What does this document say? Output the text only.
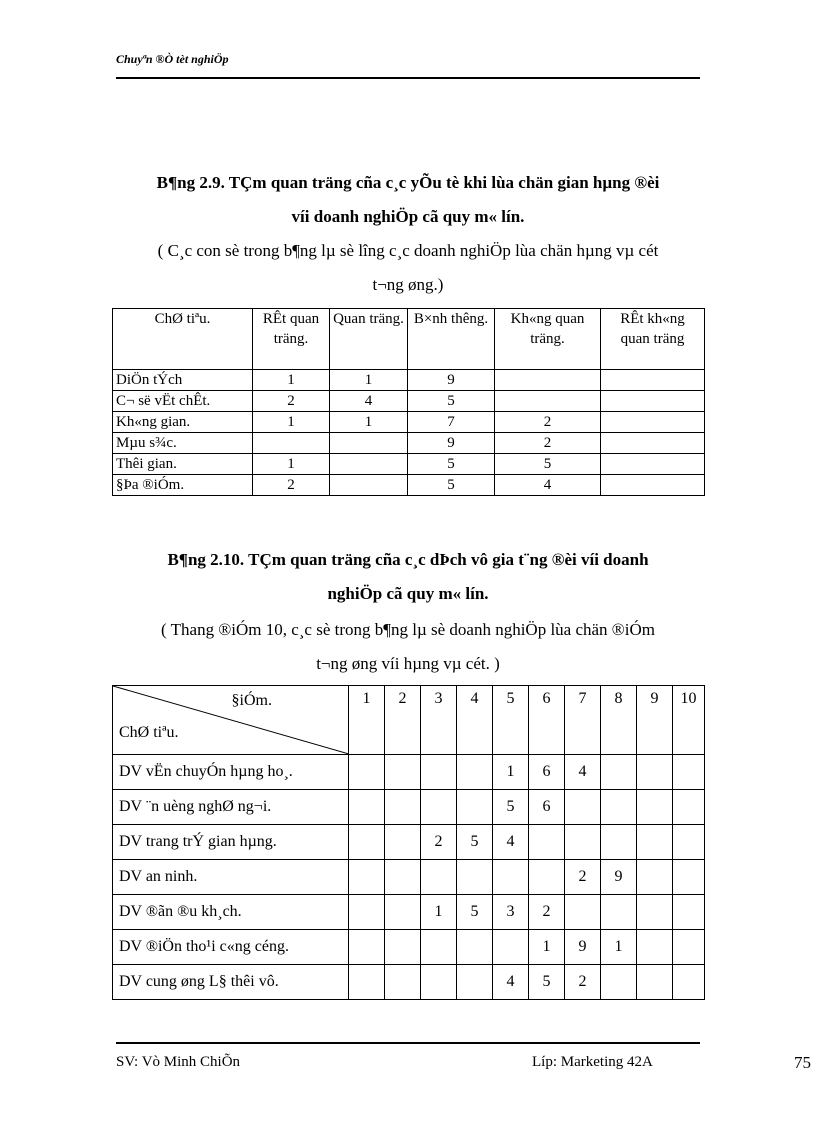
Chuyªn ®Ò tèt nghiÖp
B¶ng 2.9. TÇm quan träng cña c¸c yÕu tè khi lùa chän gian hµng ®èi
víi doanh nghiÖp cã quy m« lín.
( C¸c con sè trong b¶ng lµ sè lîng c¸c doanh nghiÖp lùa chän hµng vµ cét
t¬ng øng.)
ChØ tiªu.	RÊt quan träng.	Quan träng.	B×nh thêng.	Kh«ng quan träng.	RÊt kh«ng quan träng
DiÖn tÝch	1	1	9		
C¬ së vËt chÊt.	2	4	5		
Kh«ng gian.	1	1	7	2	
Mµu s¾c.			9	2	
Thêi gian.	1		5	5	
§Þa ®iÓm.	2		5	4	
B¶ng 2.10. TÇm quan träng cña c¸c dÞch vô gia t¨ng ®èi víi doanh
nghiÖp cã quy m« lín.
( Thang ®iÓm 10, c¸c sè trong b¶ng lµ sè doanh nghiÖp lùa chän ®iÓm
t¬ng øng víi hµng vµ cét. )
§iÓm.
ChØ tiªu.	1	2	3	4	5	6	7	8	9	10
DV vËn chuyÓn hµng ho¸.					1	6	4			
DV ¨n uèng nghØ ng¬i.					5	6				
DV trang trÝ gian hµng.			2	5	4					
DV an ninh.							2	9		
DV ®ãn ®u kh¸ch.			1	5	3	2				
DV ®iÖn tho¹i c«ng céng.						1	9	1		
DV cung øng L§ thêi vô.					4	5	2			
SV: Vò Minh ChiÕn	Líp: Marketing 42A	75
